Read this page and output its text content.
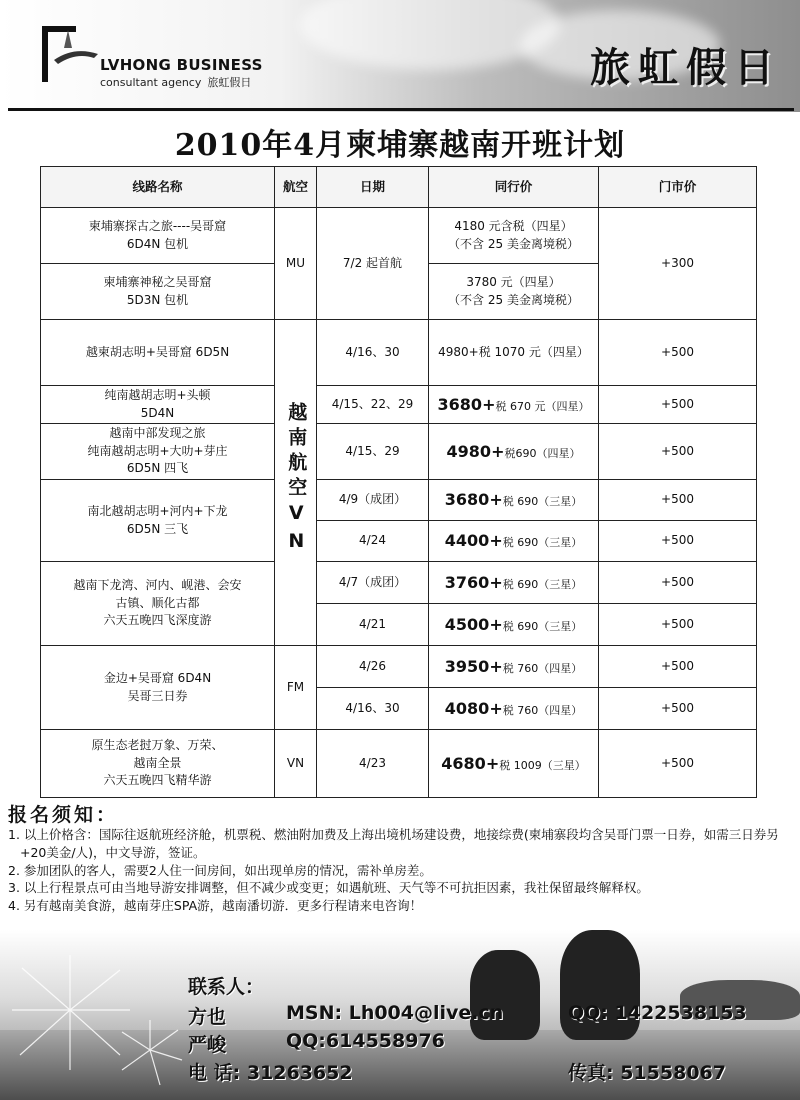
LVHONG BUSINESS
consultant agency 旅虹假日	旅虹假日
2010年4月柬埔寨越南开班计划
线路名称	航空	日期	同行价	门市价

柬埔寨探古之旅----吴哥窟
6D4N 包机	MU	7/2 起首航	4180 元含税（四星）
（不含 25 美金离境税）	+300

柬埔寨神秘之吴哥窟
5D3N 包机			3780 元（四星）
（不含 25 美金离境税）	

越柬胡志明+吴哥窟 6D5N	越南航空VN	4/16、30	4980+税 1070 元（四星）	+500

纯南越胡志明+头顿
5D4N		4/15、22、29	3680+税 670 元（四星）	+500

越南中部发现之旅
纯南越胡志明+大叻+芽庄
6D5N 四飞		4/15、29	4980+税690（四星）	+500

南北越胡志明+河内+下龙
6D5N 三飞		4/9（成团）	3680+税 690（三星）	+500
		4/24	4400+税 690（三星）	+500

越南下龙湾、河内、岘港、会安
古镇、顺化古都
六天五晚四飞深度游		4/7（成团）	3760+税 690（三星）	+500
		4/21	4500+税 690（三星）	+500

金边+吴哥窟 6D4N
吴哥三日券	FM	4/26	3950+税 760（四星）	+500
		4/16、30	4080+税 760（四星）	+500

原生态老挝万象、万荣、
越南全景
六天五晚四飞精华游	VN	4/23	4680+税 1009（三星）	+500
报名须知：
1. 以上价格含：国际往返航班经济舱，机票税、燃油附加费及上海出境机场建设费，地接综费(柬埔寨段均含吴哥门票一日券，如需三日券另+20美金/人)，中文导游，签证。
2. 参加团队的客人，需要2人住一间房间，如出现单房的情况，需补单房差。
3. 以上行程景点可由当地导游安排调整，但不减少或变更；如遇航班、天气等不可抗拒因素，我社保留最终解释权。
4. 另有越南美食游，越南芽庄SPA游，越南潘切游．更多行程请来电咨询！
联系人：
方也	MSN: Lh004@live.cn	QQ: 1422538153
严峻	QQ:614558976
电 话: 31263652	传真: 51558067
